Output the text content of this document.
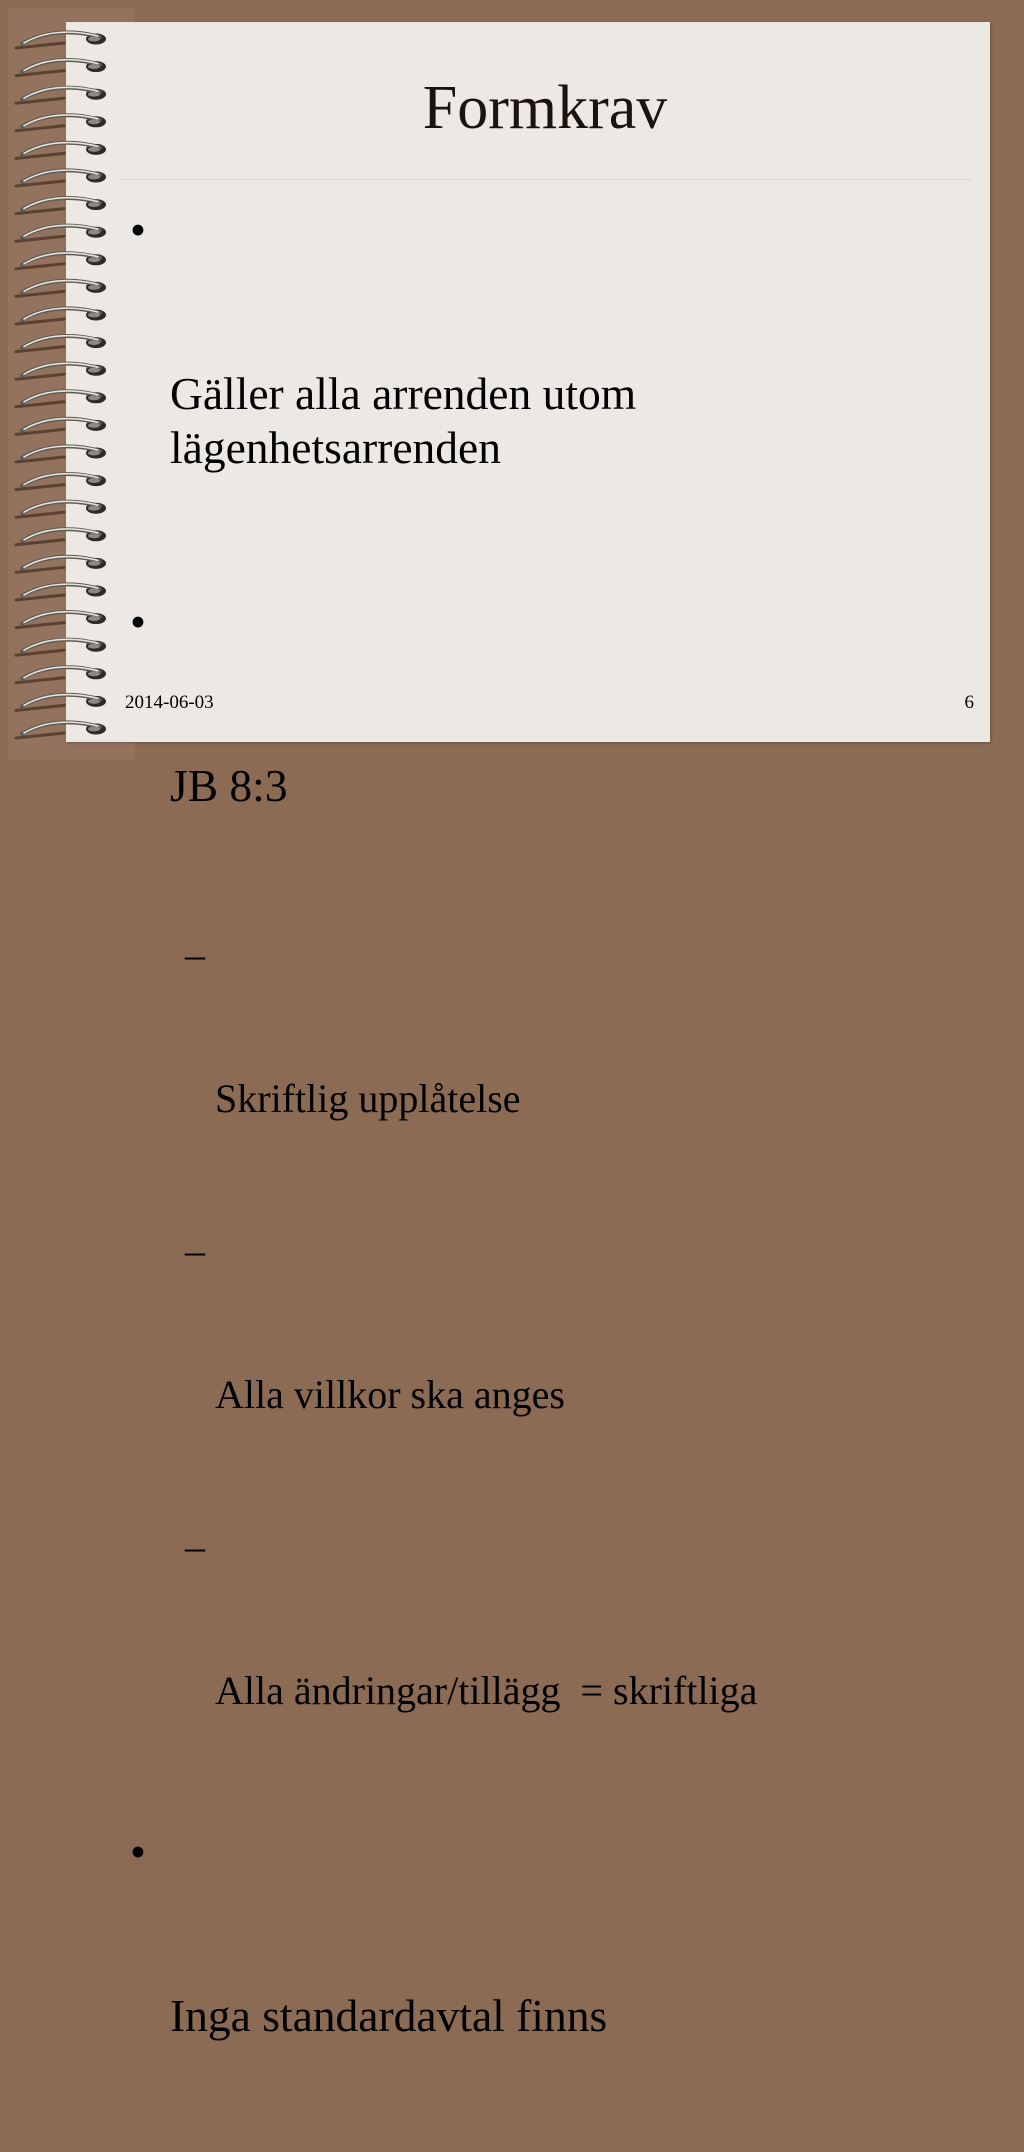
Formkrav

•

Gäller alla arrenden utom lägenhetsarrenden

•

JB 8:3

–

Skriftlig upplåtelse

–

Alla villkor ska anges

–

Alla ändringar/tillägg  = skriftliga

•

Inga standardavtal finns

2014-06-03	6
